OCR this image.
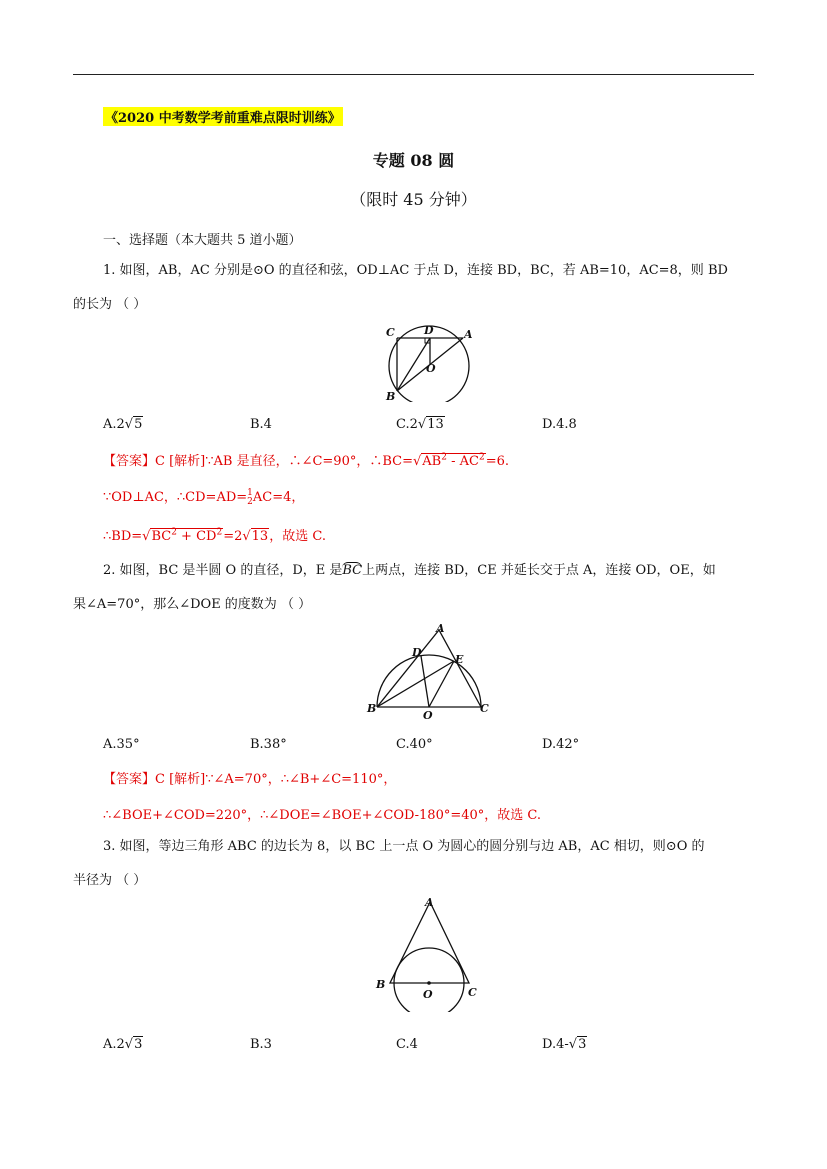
《2020 中考数学考前重难点限时训练》
专题 08 圆
（限时 45 分钟）
一、选择题（本大题共 5 道小题）
1. 如图，AB，AC 分别是⊙O 的直径和弦，OD⊥AC 于点 D，连接 BD，BC，若 AB=10，AC=8，则 BD
的长为 （ ）
C	D	A
O
B
A.2√5	B.4	C.2√13	D.4.8
【答案】C [解析]∵AB 是直径，∴∠C=90°，$\therefore BC=√AB^2 - AC^2=6$.
∵OD⊥AC，∴CD=AD=1
2AC=4，
$\therefore BD=√BC^2 + CD^2=2√13$，故选 C.
2. 如图，BC 是半圆 O 的直径，D，E 是BC上两点，连接 BD，CE 并延长交于点 A，连接 OD，OE，如
果∠A=70°，那么∠DOE 的度数为 （ ）
A
D
E
B
O
C
A.35°	B.38°	C.40°	D.42°
【答案】C [解析]∵∠A=70°，∴∠B+∠C=110°，
∴∠BOE+∠COD=220°，∴∠DOE=∠BOE+∠COD-180°=40°，故选 C.
3. 如图，等边三角形 ABC 的边长为 8，以 BC 上一点 O 为圆心的圆分别与边 AB，AC 相切，则⊙O 的
半径为 （ ）
A
B
O	C
A.2√3	B.3	C.4	D.4-√3
